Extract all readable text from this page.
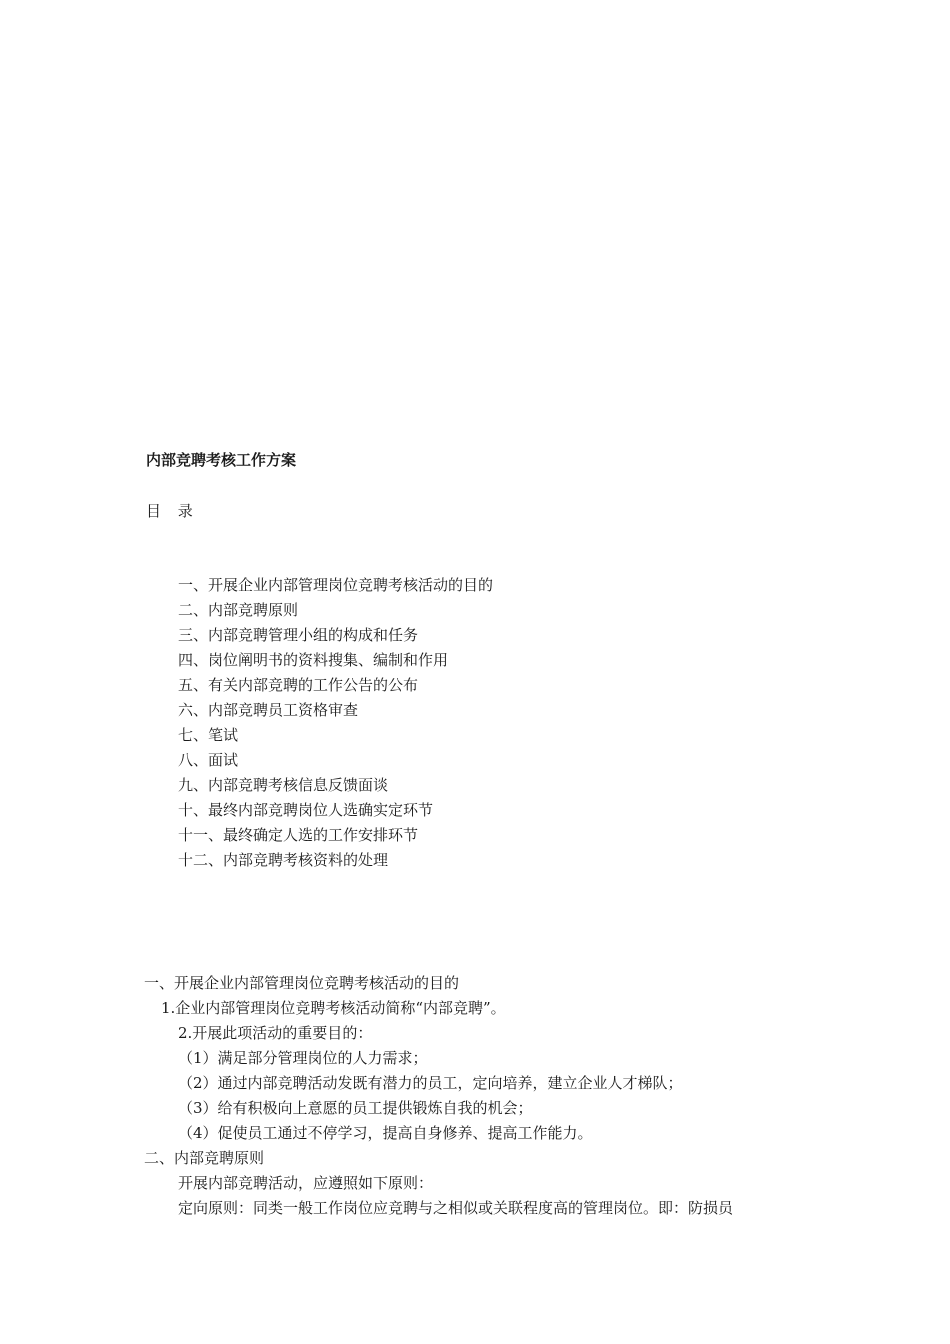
内部竞聘考核工作方案
目 录
一、开展企业内部管理岗位竞聘考核活动的目的
二、内部竞聘原则
三、内部竞聘管理小组的构成和任务
四、岗位阐明书的资料搜集、编制和作用
五、有关内部竞聘的工作公告的公布
六、内部竞聘员工资格审查
七、笔试
八、面试
九、内部竞聘考核信息反馈面谈
十、最终内部竞聘岗位人选确实定环节
十一、最终确定人选的工作安排环节
十二、内部竞聘考核资料的处理
一、开展企业内部管理岗位竞聘考核活动的目的
1.企业内部管理岗位竞聘考核活动简称“内部竞聘”。
2.开展此项活动的重要目的：
（1）满足部分管理岗位的人力需求；
（2）通过内部竞聘活动发既有潜力的员工，定向培养，建立企业人才梯队；
（3）给有积极向上意愿的员工提供锻炼自我的机会；
（4）促使员工通过不停学习，提高自身修养、提高工作能力。
二、内部竞聘原则
开展内部竞聘活动，应遵照如下原则：
定向原则：同类一般工作岗位应竞聘与之相似或关联程度高的管理岗位。即：防损员
